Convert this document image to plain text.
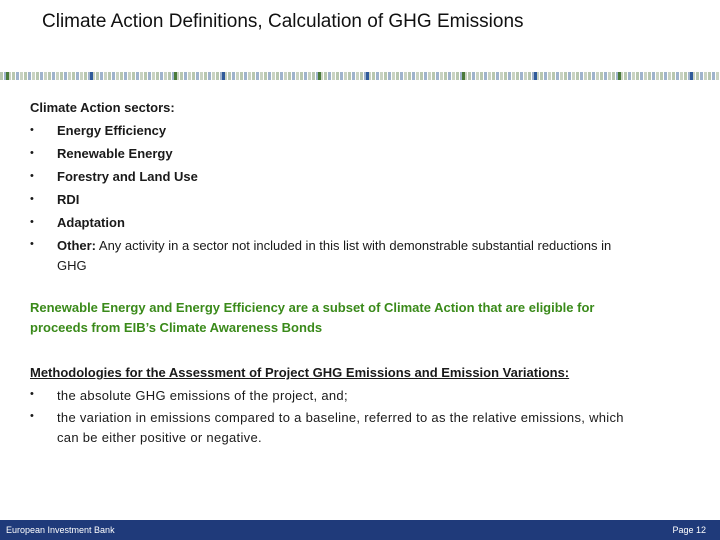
Climate Action Definitions, Calculation of GHG Emissions
Climate Action sectors:
• Energy Efficiency
• Renewable Energy
• Forestry and Land Use
• RDI
• Adaptation
• Other: Any activity in a sector not included in this list with demonstrable substantial reductions in GHG
Renewable Energy and Energy Efficiency are a subset of Climate Action that are eligible for proceeds from EIB’s Climate Awareness Bonds
Methodologies for the Assessment of Project GHG Emissions and Emission Variations:
• the absolute GHG emissions of the project, and;
• the variation in emissions compared to a baseline, referred to as the relative emissions, which can be either positive or negative.
European Investment Bank	Page 12
